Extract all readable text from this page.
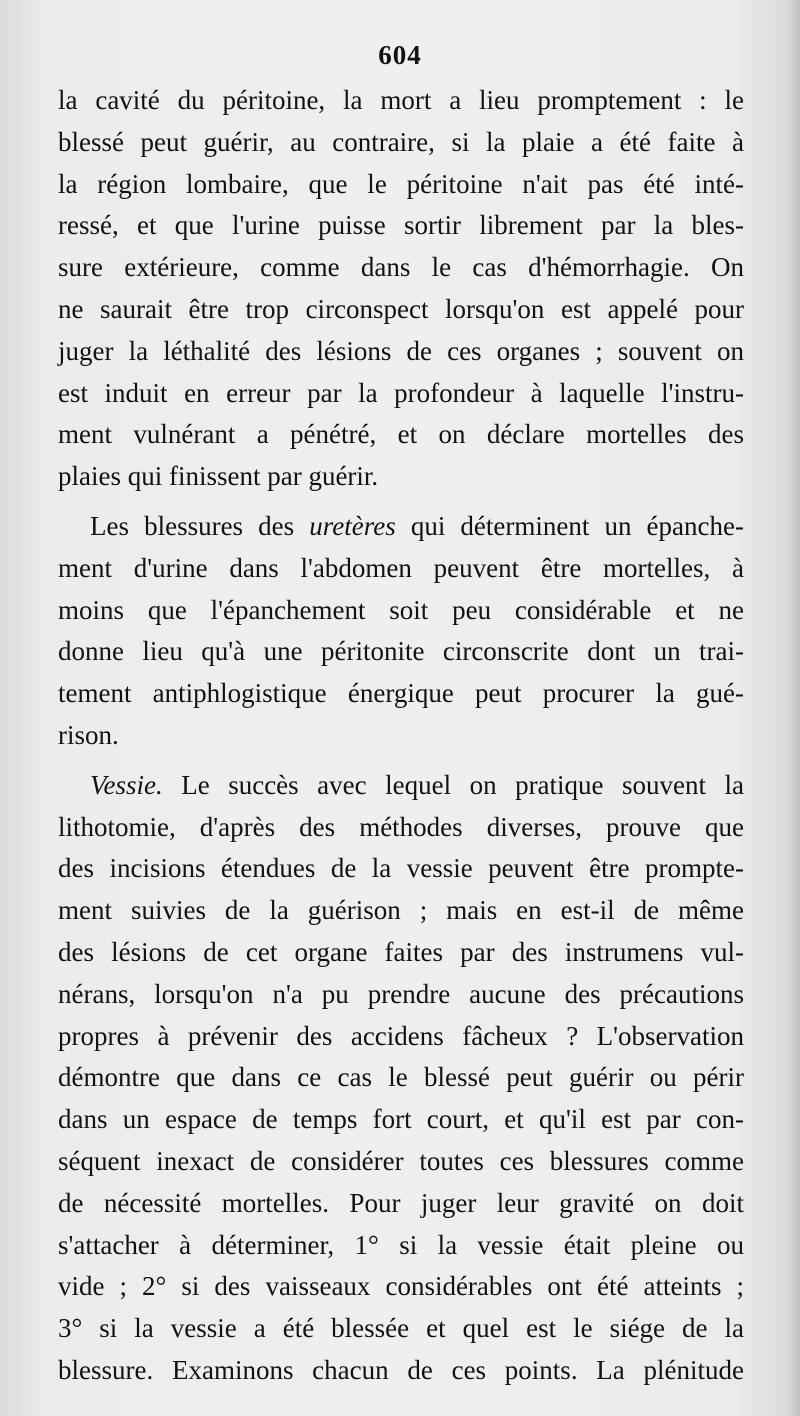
604

la cavité du péritoine, la mort a lieu promptement : le
blessé peut guérir, au contraire, si la plaie a été faite à
la région lombaire, que le péritoine n'ait pas été inté-
ressé, et que l'urine puisse sortir librement par la bles-
sure extérieure, comme dans le cas d'hémorrhagie. On
ne saurait être trop circonspect lorsqu'on est appelé pour
juger la léthalité des lésions de ces organes ; souvent on
est induit en erreur par la profondeur à laquelle l'instru-
ment vulnérant a pénétré, et on déclare mortelles des
plaies qui finissent par guérir.
Les blessures des uretères qui déterminent un épanche-
ment d'urine dans l'abdomen peuvent être mortelles, à
moins que l'épanchement soit peu considérable et ne
donne lieu qu'à une péritonite circonscrite dont un trai-
tement antiphlogistique énergique peut procurer la gué-
rison.
Vessie. Le succès avec lequel on pratique souvent la
lithotomie, d'après des méthodes diverses, prouve que
des incisions étendues de la vessie peuvent être prompte-
ment suivies de la guérison ; mais en est-il de même
des lésions de cet organe faites par des instrumens vul-
nérans, lorsqu'on n'a pu prendre aucune des précautions
propres à prévenir des accidens fâcheux ? L'observation
démontre que dans ce cas le blessé peut guérir ou périr
dans un espace de temps fort court, et qu'il est par con-
séquent inexact de considérer toutes ces blessures comme
de nécessité mortelles. Pour juger leur gravité on doit
s'attacher à déterminer, 1° si la vessie était pleine ou
vide ; 2° si des vaisseaux considérables ont été atteints ;
3° si la vessie a été blessée et quel est le siége de la
blessure. Examinons chacun de ces points. La plénitude
